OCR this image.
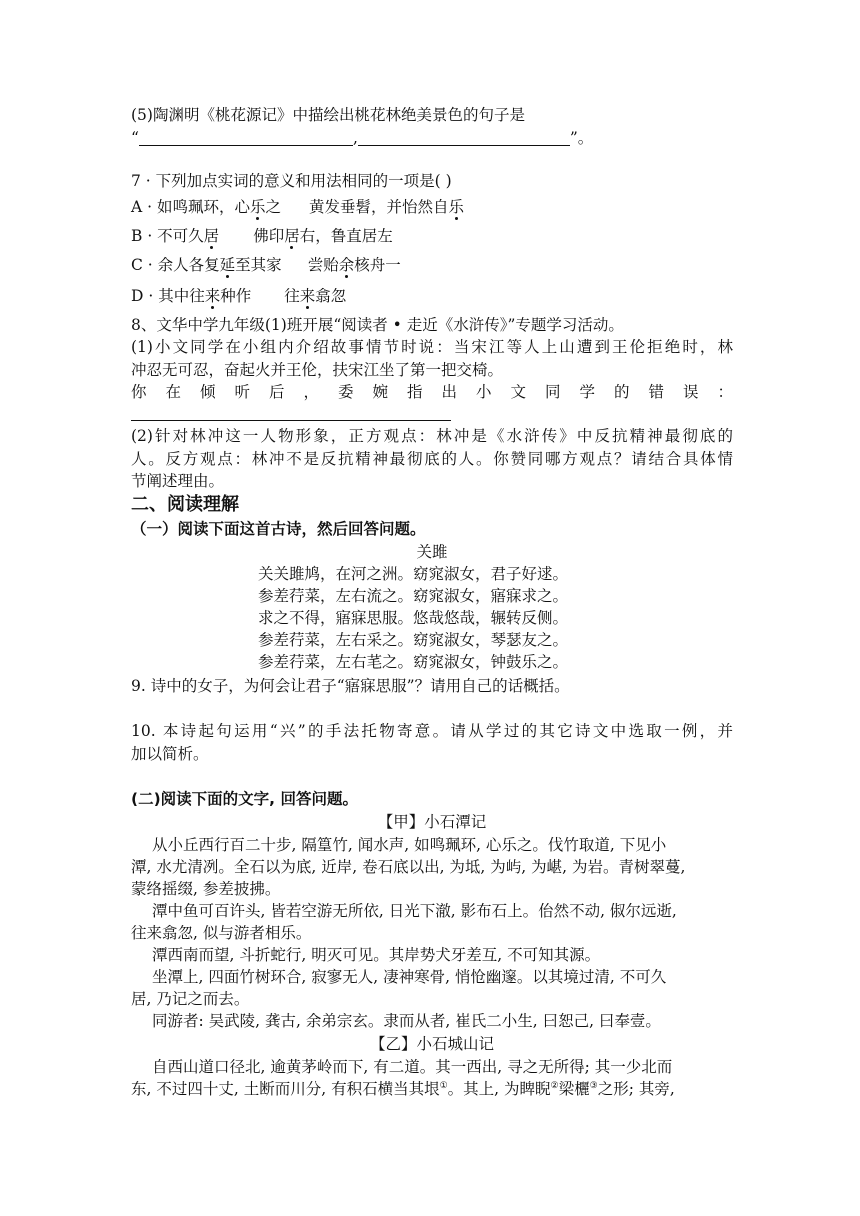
(5)陶渊明《桃花源记》中描绘出桃花林绝美景色的句子是
“	,	”。
7 · 下列加点实词的意义和用法相同的一项是( )
A · 如鸣珮环，心乐之 黄发垂髫，并怡然自乐
B · 不可久居 佛印居右，鲁直居左
C · 余人各复延至其家 尝贻余核舟一
D · 其中往来种作 往来翕忽
8、文华中学九年级(1)班开展“阅读者 • 走近《水浒传》”专题学习活动。
(1)小文同学在小组内介绍故事情节时说：当宋江等人上山遭到王伦拒绝时，林
冲忍无可忍，奋起火并王伦，扶宋江坐了第一把交椅。
你在倾听后，委婉指出小文同学的错误：
(2)针对林冲这一人物形象，正方观点：林冲是《水浒传》中反抗精神最彻底的
人。反方观点：林冲不是反抗精神最彻底的人。你赞同哪方观点？请结合具体情
节阐述理由。
二、阅读理解
（一）阅读下面这首古诗，然后回答问题。
关雎
关关雎鸠，在河之洲。窈窕淑女，君子好逑。
参差荇菜，左右流之。窈窕淑女，寤寐求之。
求之不得，寤寐思服。悠哉悠哉，辗转反侧。
参差荇菜，左右采之。窈窕淑女，琴瑟友之。
参差荇菜，左右芼之。窈窕淑女，钟鼓乐之。
9. 诗中的女子，为何会让君子“寤寐思服”？请用自己的话概括。
10. 本诗起句运用“兴”的手法托物寄意。请从学过的其它诗文中选取一例，并
加以简析。
(二)阅读下面的文字, 回答问题。
【甲】小石潭记
从小丘西行百二十步, 隔篁竹, 闻水声, 如鸣珮环, 心乐之。伐竹取道, 下见小
潭, 水尤清冽。全石以为底, 近岸, 卷石底以出, 为坻, 为屿, 为嵁, 为岩。青树翠蔓,
蒙络摇缀, 参差披拂。
潭中鱼可百许头, 皆若空游无所依, 日光下澈, 影布石上。佁然不动, 俶尔远逝,
往来翕忽, 似与游者相乐。
潭西南而望, 斗折蛇行, 明灭可见。其岸势犬牙差互, 不可知其源。
坐潭上, 四面竹树环合, 寂寥无人, 凄神寒骨, 悄怆幽邃。以其境过清, 不可久
居, 乃记之而去。
同游者: 吴武陵, 龚古, 余弟宗玄。隶而从者, 崔氏二小生, 曰恕己, 曰奉壹。
【乙】小石城山记
自西山道口径北, 逾黄茅岭而下, 有二道。其一西出, 寻之无所得; 其一少北而
东, 不过四十丈, 土断而川分, 有积石横当其垠①。其上, 为睥睨②梁欐③之形; 其旁,
